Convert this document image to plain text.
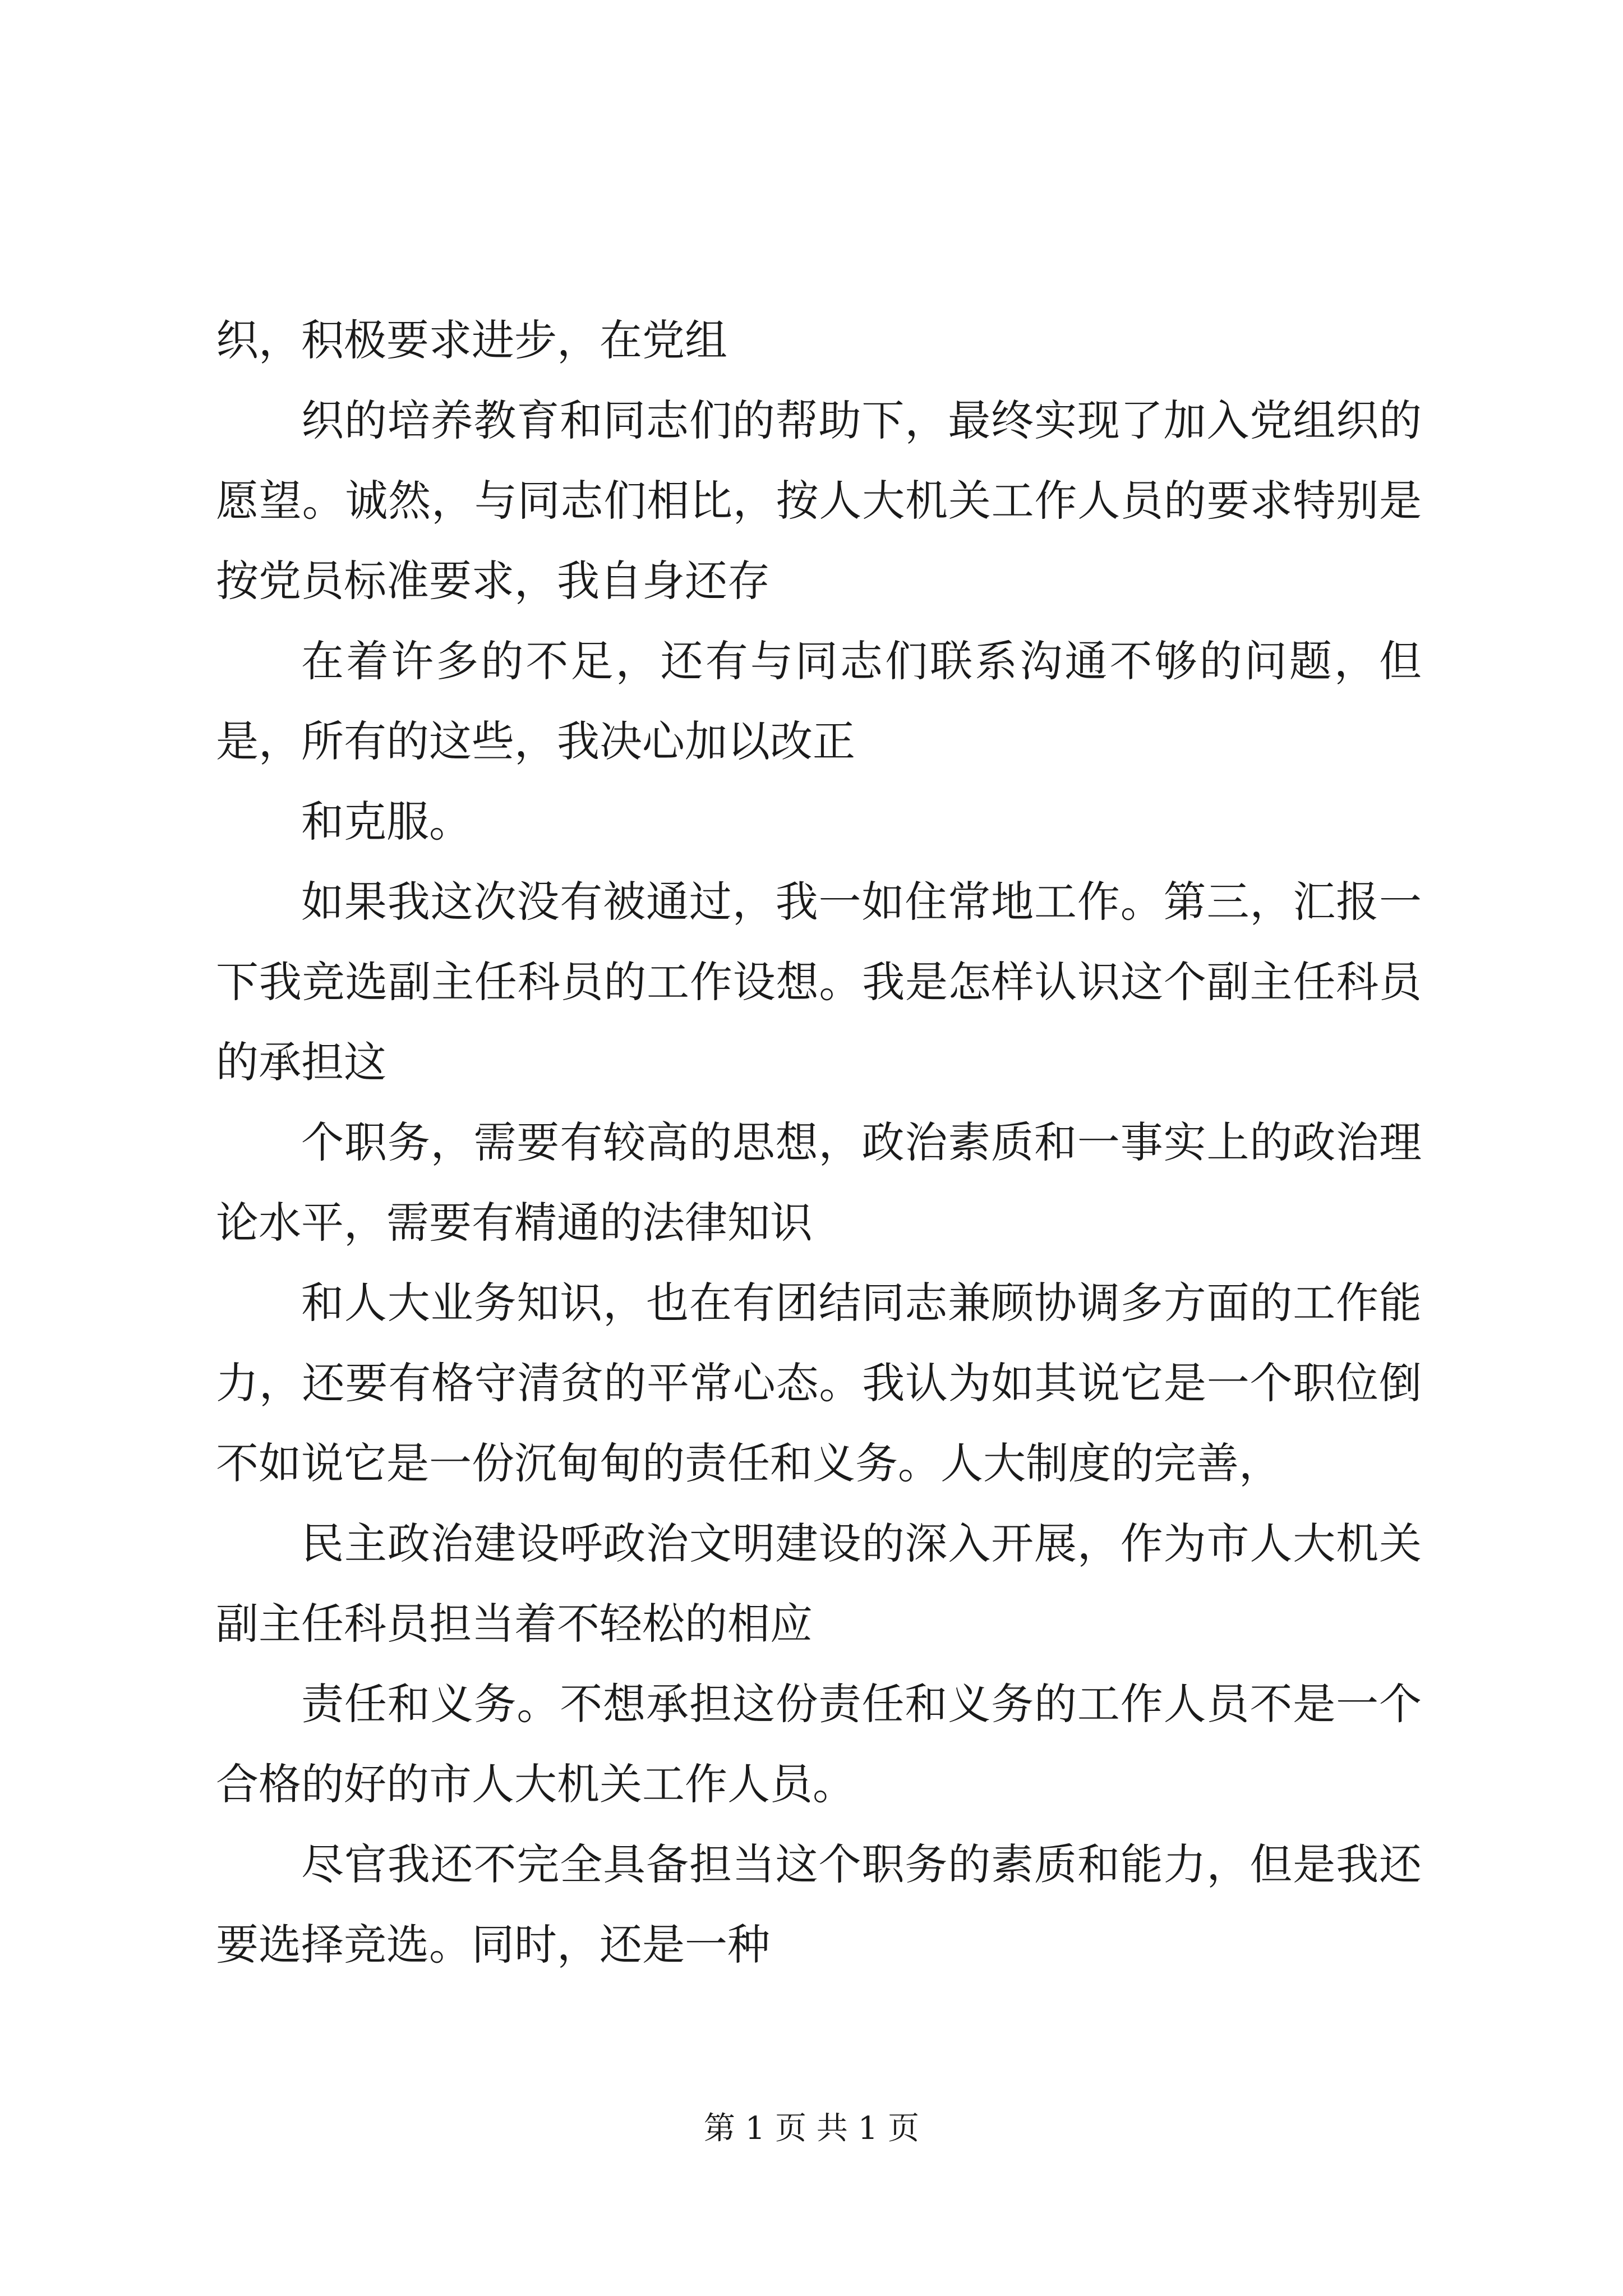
织，积极要求进步，在党组

织的培养教育和同志们的帮助下，最终实现了加入党组织的愿望。诚然，与同志们相比，按人大机关工作人员的要求特别是按党员标准要求，我自身还存

在着许多的不足，还有与同志们联系沟通不够的问题，但是，所有的这些，我决心加以改正

和克服。

如果我这次没有被通过，我一如住常地工作。第三，汇报一下我竞选副主任科员的工作设想。我是怎样认识这个副主任科员的承担这

个职务，需要有较高的思想，政治素质和一事实上的政治理论水平，需要有精通的法律知识

和人大业务知识，也在有团结同志兼顾协调多方面的工作能力，还要有格守清贫的平常心态。我认为如其说它是一个职位倒不如说它是一份沉甸甸的责任和义务。人大制度的完善，

民主政治建设呼政治文明建设的深入开展，作为市人大机关副主任科员担当着不轻松的相应

责任和义务。不想承担这份责任和义务的工作人员不是一个合格的好的市人大机关工作人员。

尽官我还不完全具备担当这个职务的素质和能力，但是我还要选择竞选。同时，还是一种

第 1 页 共 1 页
